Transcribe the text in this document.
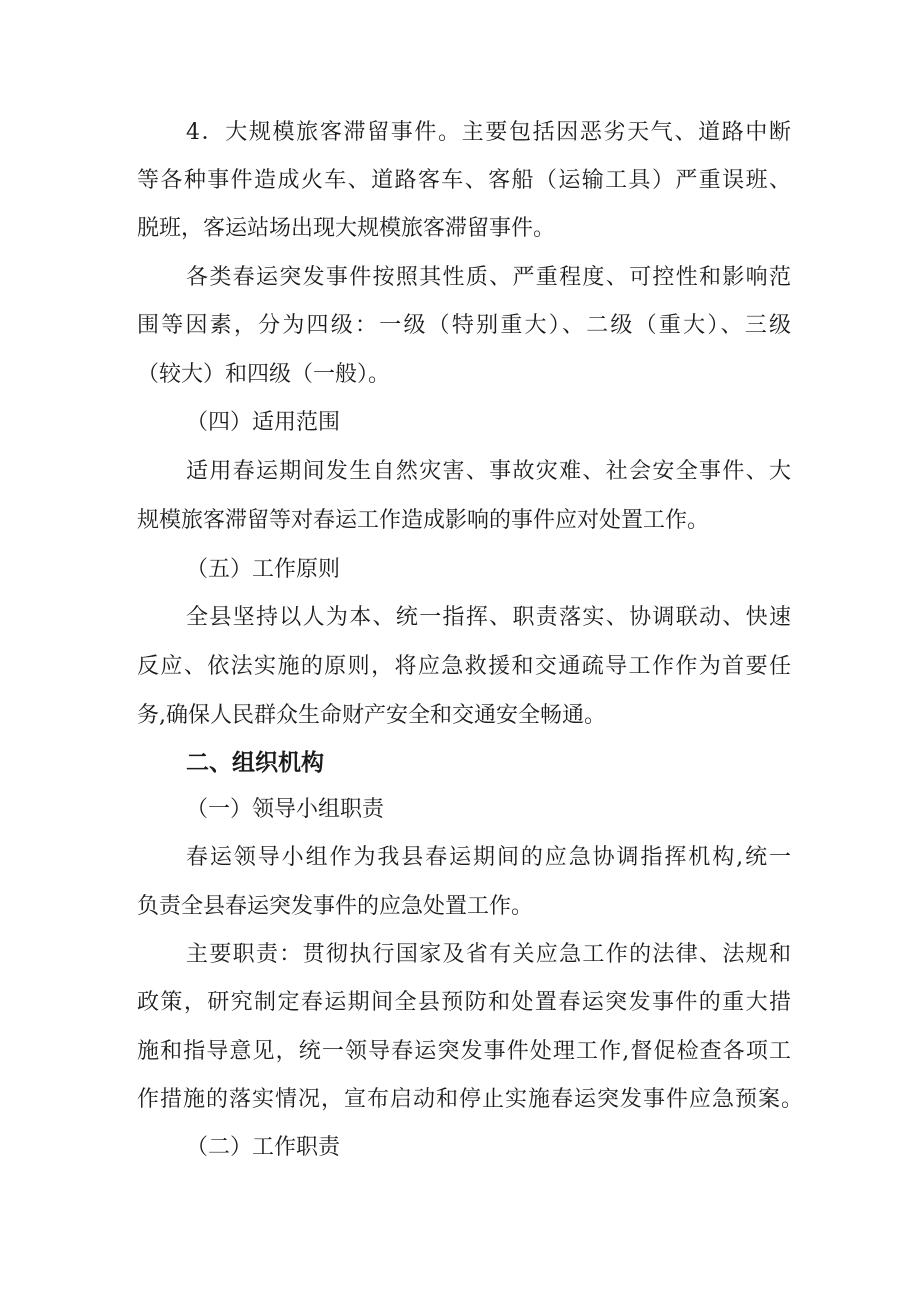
4．大规模旅客滞留事件。主要包括因恶劣天气、道路中断
等各种事件造成火车、道路客车、客船（运输工具）严重误班、
脱班，客运站场出现大规模旅客滞留事件。
各类春运突发事件按照其性质、严重程度、可控性和影响范
围等因素，分为四级：一级（特别重大）、二级（重大）、三级
（较大）和四级（一般）。
（四）适用范围
适用春运期间发生自然灾害、事故灾难、社会安全事件、大
规模旅客滞留等对春运工作造成影响的事件应对处置工作。
（五）工作原则
全县坚持以人为本、统一指挥、职责落实、协调联动、快速
反应、依法实施的原则，将应急救援和交通疏导工作作为首要任
务,确保人民群众生命财产安全和交通安全畅通。
二、组织机构
（一）领导小组职责
春运领导小组作为我县春运期间的应急协调指挥机构,统一
负责全县春运突发事件的应急处置工作。
主要职责：贯彻执行国家及省有关应急工作的法律、法规和
政策，研究制定春运期间全县预防和处置春运突发事件的重大措
施和指导意见，统一领导春运突发事件处理工作,督促检查各项工
作措施的落实情况，宣布启动和停止实施春运突发事件应急预案。
（二）工作职责
